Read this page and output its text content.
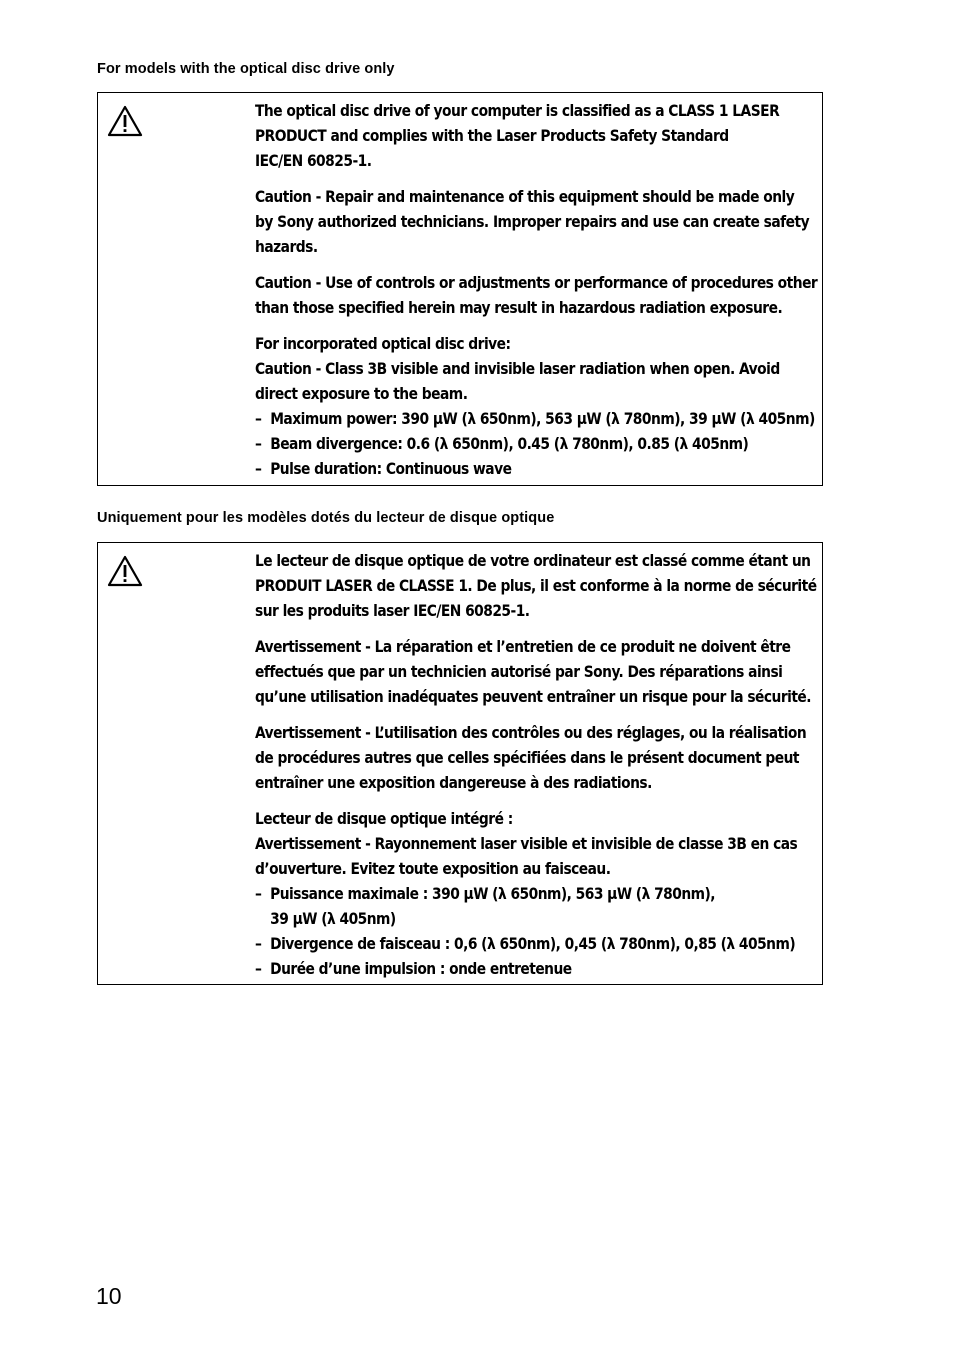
For models with the optical disc drive only

The optical disc drive of your computer is classified as a CLASS 1 LASER
PRODUCT and complies with the Laser Products Safety Standard
IEC/EN 60825-1.

Caution - Repair and maintenance of this equipment should be made only
by Sony authorized technicians. Improper repairs and use can create safety
hazards.

Caution - Use of controls or adjustments or performance of procedures other
than those specified herein may result in hazardous radiation exposure.

For incorporated optical disc drive:
Caution - Class 3B visible and invisible laser radiation when open. Avoid
direct exposure to the beam.

– Maximum power: 390 µW (λ 650nm), 563 µW (λ 780nm), 39 µW (λ 405nm)
– Beam divergence: 0.6 (λ 650nm), 0.45 (λ 780nm), 0.85 (λ 405nm)
– Pulse duration: Continuous wave
Uniquement pour les modèles dotés du lecteur de disque optique

Le lecteur de disque optique de votre ordinateur est classé comme étant un
PRODUIT LASER de CLASSE 1. De plus, il est conforme à la norme de sécurité
sur les produits laser IEC/EN 60825-1.

Avertissement - La réparation et l’entretien de ce produit ne doivent être
effectués que par un technicien autorisé par Sony. Des réparations ainsi
qu’une utilisation inadéquates peuvent entraîner un risque pour la sécurité.

Avertissement - L’utilisation des contrôles ou des réglages, ou la réalisation
de procédures autres que celles spécifiées dans le présent document peut
entraîner une exposition dangereuse à des radiations.

Lecteur de disque optique intégré :
Avertissement - Rayonnement laser visible et invisible de classe 3B en cas
d’ouverture. Evitez toute exposition au faisceau.

– Puissance maximale : 390 µW (λ 650nm), 563 µW (λ 780nm),
39 µW (λ 405nm)
– Divergence de faisceau : 0,6 (λ 650nm), 0,45 (λ 780nm), 0,85 (λ 405nm)
– Durée d’une impulsion : onde entretenue
10
